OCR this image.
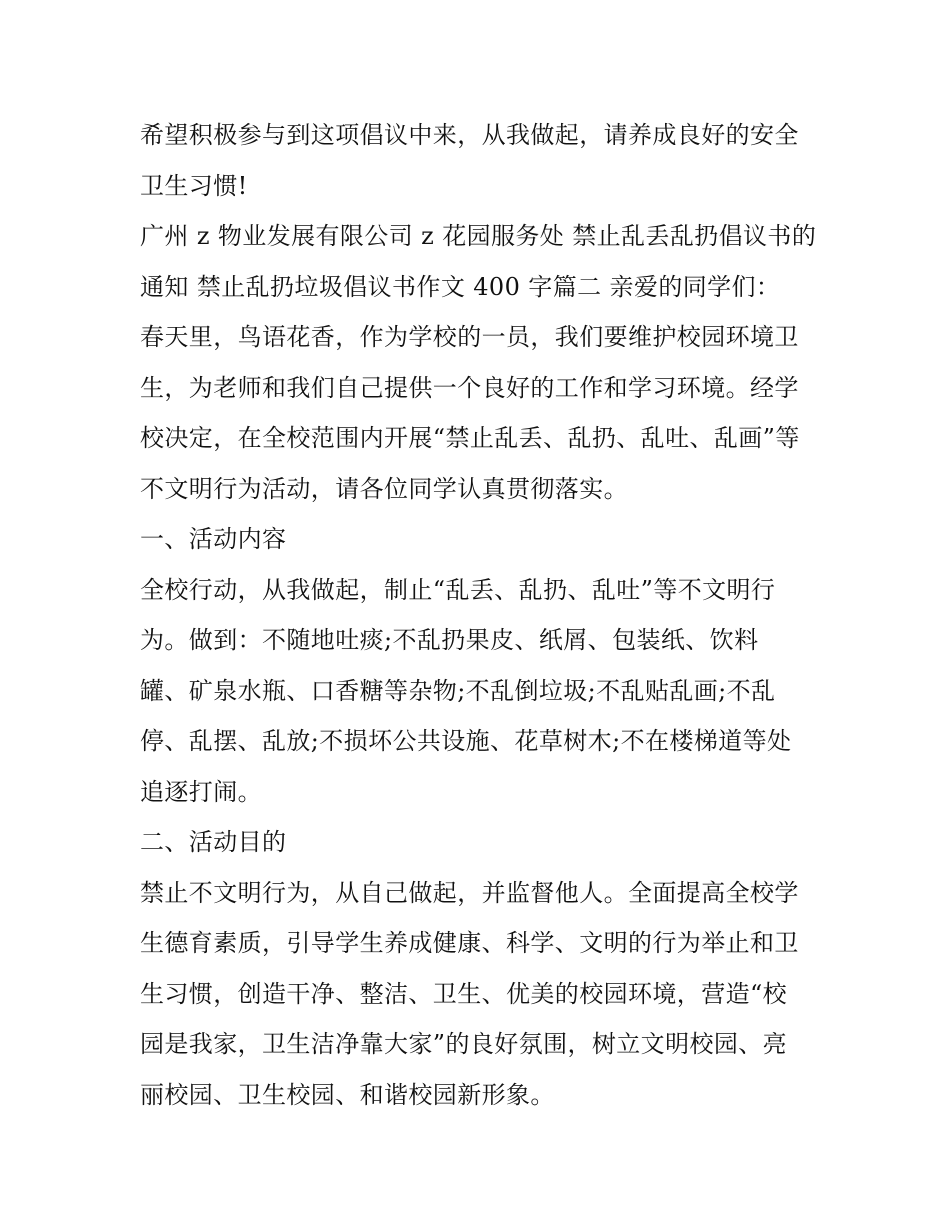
希望积极参与到这项倡议中来，从我做起，请养成良好的安全
卫生习惯!
广州 z 物业发展有限公司 z 花园服务处 禁止乱丢乱扔倡议书的
通知 禁止乱扔垃圾倡议书作文 400 字篇二 亲爱的同学们：
春天里，鸟语花香，作为学校的一员，我们要维护校园环境卫
生，为老师和我们自己提供一个良好的工作和学习环境。经学
校决定，在全校范围内开展“禁止乱丢、乱扔、乱吐、乱画”等
不文明行为活动，请各位同学认真贯彻落实。
一、活动内容
全校行动，从我做起，制止“乱丢、乱扔、乱吐”等不文明行
为。做到：不随地吐痰;不乱扔果皮、纸屑、包装纸、饮料
罐、矿泉水瓶、口香糖等杂物;不乱倒垃圾;不乱贴乱画;不乱
停、乱摆、乱放;不损坏公共设施、花草树木;不在楼梯道等处
追逐打闹。
二、活动目的
禁止不文明行为，从自己做起，并监督他人。全面提高全校学
生德育素质，引导学生养成健康、科学、文明的行为举止和卫
生习惯，创造干净、整洁、卫生、优美的校园环境，营造“校
园是我家，卫生洁净靠大家”的良好氛围，树立文明校园、亮
丽校园、卫生校园、和谐校园新形象。
